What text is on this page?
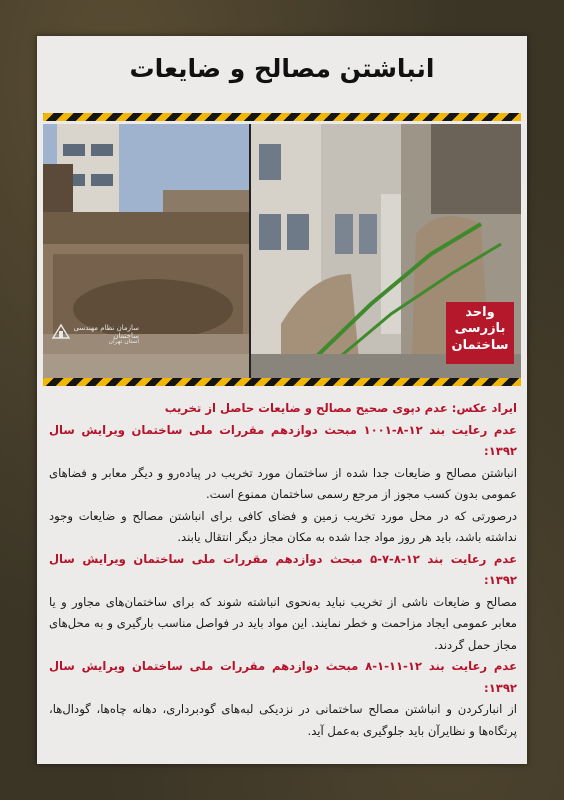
انباشتن مصالح و ضایعات
سازمان نظام مهندسی ساختمان
استان تهران
واحد
بازرسی
ساختمان

ایراد عکس: عدم دپوی صحیح مصالح و ضایعات حاصل از تخریب

عدم رعایت بند ۱۲-۸-۱۰۰۱ مبحث دوازدهم مقررات ملی ساختمان ویرایش سال ۱۳۹۲:

انباشتن مصالح و ضایعات جدا شده از ساختمان مورد تخریب در پیاده‌رو و دیگر معابر و فضاهای عمومی بدون کسب مجوز از مرجع رسمی ساختمان ممنوع است.

درصورتی که در محل مورد تخریب زمین و فضای کافی برای انباشتن مصالح و ضایعات وجود نداشته باشد، باید هر روز مواد جدا شده به مکان مجاز دیگر انتقال یابند.

عدم رعایت بند ۱۲-۸-۷-۵ مبحث دوازدهم مقررات ملی ساختمان ویرایش سال ۱۳۹۲:

مصالح و ضایعات ناشی از تخریب نباید به‌نحوی انباشته شوند که برای ساختمان‌های مجاور و یا معابر عمومی ایجاد مزاحمت و خطر نمایند. این مواد باید در فواصل مناسب بارگیری و به محل‌های مجاز حمل گردند.

عدم رعایت بند ۱۲-۱۱-۱-۸ مبحث دوازدهم مقررات ملی ساختمان ویرایش سال ۱۳۹۲:

از انبارکردن و انباشتن مصالح ساختمانی در نزدیکی لبه‌های گودبرداری، دهانه چاه‌ها، گودال‌ها، پرتگاه‌ها و نظایرآن باید جلوگیری به‌عمل آید.
